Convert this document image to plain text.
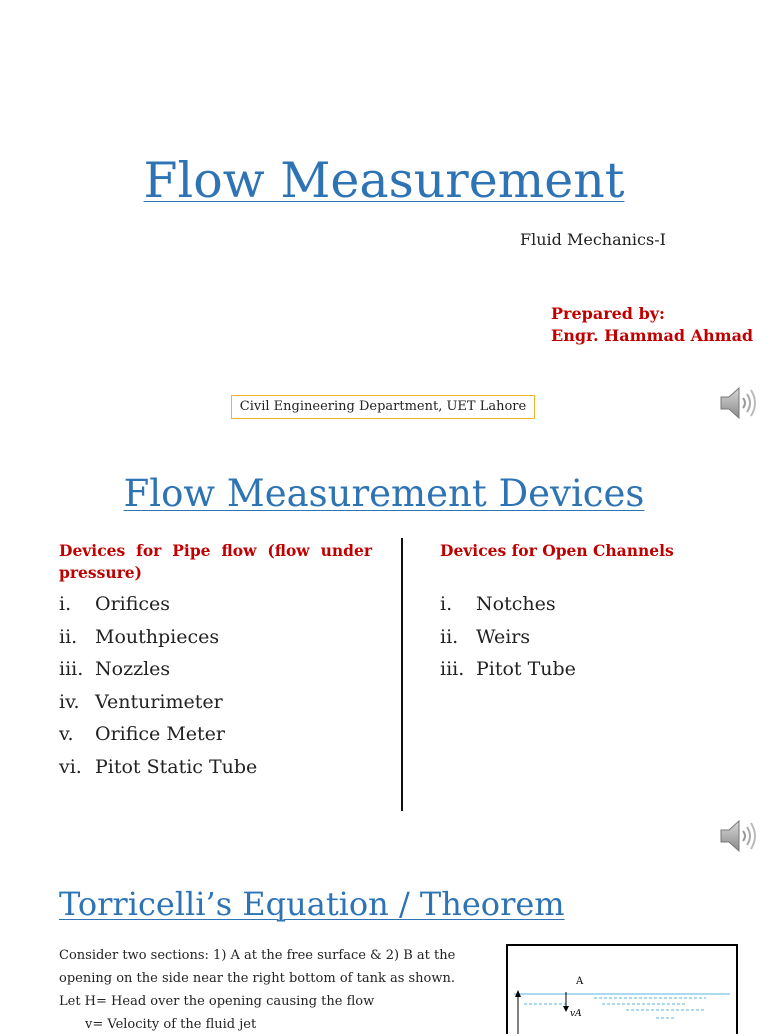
Flow Measurement
Fluid Mechanics-I
Prepared by:
Engr. Hammad Ahmad
Civil Engineering Department, UET Lahore
Flow Measurement Devices
Devices for Pipe flow (flow under pressure)
Devices for Open Channels
i. Orifices
ii. Mouthpieces
iii. Nozzles
iv. Venturimeter
v. Orifice Meter
vi. Pitot Static Tube
i. Notches
ii. Weirs
iii. Pitot Tube
Torricelli’s Equation / Theorem

Consider two sections: 1) A at the free surface & 2) B at the opening on the side near the right bottom of tank as shown.

Let H= Head over the opening causing the flow

v= Velocity of the fluid jet

A
vA
